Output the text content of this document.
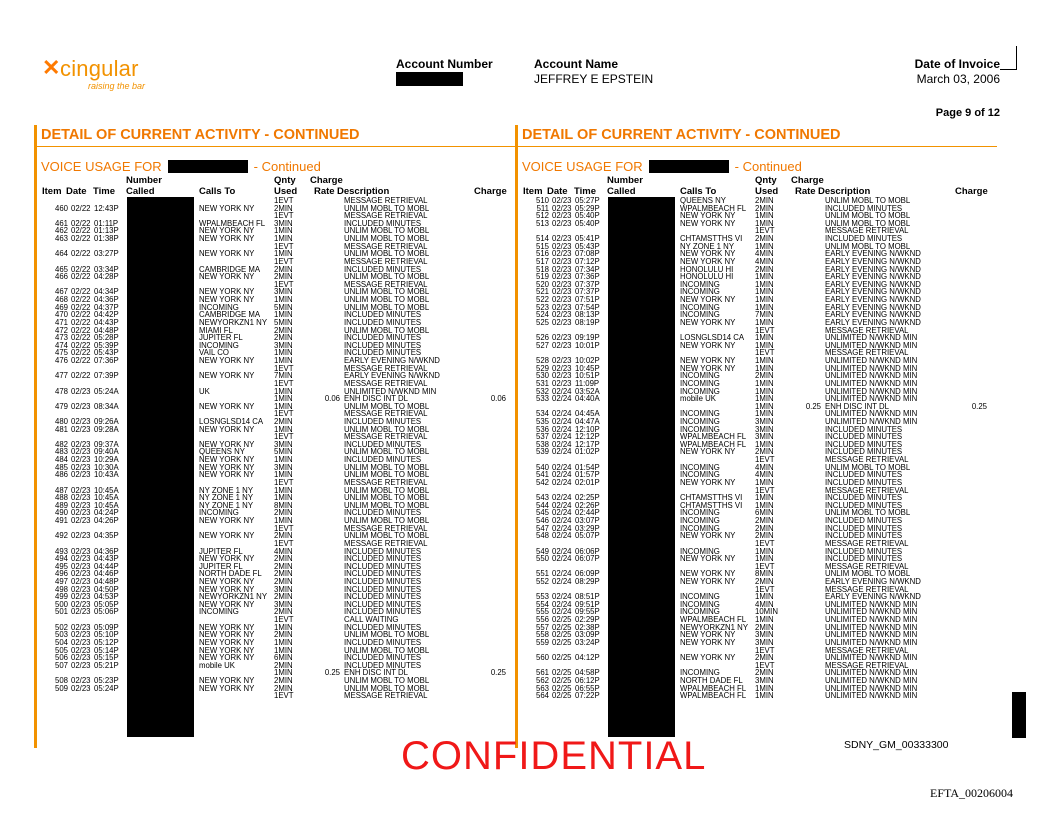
✕ cingular
raising the bar
Account Number	Account Name
JEFFREY E EPSTEIN
Date of Invoice
March 03, 2006
Page 9 of 12
DETAIL OF CURRENT ACTIVITY - CONTINUED
VOICE USAGE FOR	- Continued
Number	Qnty Charge
Item Date Time Called	Calls To	Used Rate Description	Charge
1EVT	MESSAGE RETRIEVAL
460 02/22 12:43P	NEW YORK NY	2MIN	UNLIM MOBL TO MOBL
1EVT	MESSAGE RETRIEVAL
461 02/22 01:11P	WPALMBEACH FL 3MIN	INCLUDED MINUTES
462 02/22 01:13P	NEW YORK NY	1MIN	UNLIM MOBL TO MOBL
463 02/22 01:38P	NEW YORK NY	1MIN	UNLIM MOBL TO MOBL
1EVT	MESSAGE RETRIEVAL
464 02/22 03:27P	NEW YORK NY	1MIN	UNLIM MOBL TO MOBL
1EVT	MESSAGE RETRIEVAL
465 02/22 03:34P	CAMBRIDGE MA 2MIN	INCLUDED MINUTES
466 02/22 04:28P	NEW YORK NY	2MIN	UNLIM MOBL TO MOBL
1EVT	MESSAGE RETRIEVAL
467 02/22 04:34P	NEW YORK NY	3MIN	UNLIM MOBL TO MOBL
468 02/22 04:36P	NEW YORK NY	1MIN	UNLIM MOBL TO MOBL
469 02/22 04:37P	INCOMING	5MIN	UNLIM MOBL TO MOBL
470 02/22 04:42P	CAMBRIDGE MA 1MIN	INCLUDED MINUTES
471 02/22 04:43P	NEWYORKZN1 NY 5MIN	INCLUDED MINUTES
472 02/22 04:48P	MIAMI FL	2MIN	UNLIM MOBL TO MOBL
473 02/22 05:28P	JUPITER FL	2MIN	INCLUDED MINUTES
474 02/22 05:39P	INCOMING	3MIN	INCLUDED MINUTES
475 02/22 05:43P	VAIL CO	1MIN	INCLUDED MINUTES
476 02/22 07:36P	NEW YORK NY	1MIN	EARLY EVENING N/WKND
1EVT	MESSAGE RETRIEVAL
477 02/22 07:39P	NEW YORK NY	7MIN	EARLY EVENING N/WKND
1EVT	MESSAGE RETRIEVAL
478 02/23 05:24A	UK	1MIN	UNLIMITED N/WKND MIN
1MIN	0.06 ENH DISC INT DL	0.06
479 02/23 08:34A	NEW YORK NY	1MIN	UNLIM MOBL TO MOBL
1EVT	MESSAGE RETRIEVAL
480 02/23 09:26A	LOSNGLSD14 CA 2MIN	INCLUDED MINUTES
481 02/23 09:28A	NEW YORK NY	1MIN	UNLIM MOBL TO MOBL
1EVT	MESSAGE RETRIEVAL
482 02/23 09:37A	NEW YORK NY	3MIN	INCLUDED MINUTES
483 02/23 09:40A	QUEENS NY	5MIN	UNLIM MOBL TO MOBL
484 02/23 10:29A	NEW YORK NY	1MIN	INCLUDED MINUTES
485 02/23 10:30A	NEW YORK NY	3MIN	UNLIM MOBL TO MOBL
486 02/23 10:43A	NEW YORK NY	1MIN	UNLIM MOBL TO MOBL
1EVT	MESSAGE RETRIEVAL
487 02/23 10:45A	NY ZONE 1 NY	1MIN	UNLIM MOBL TO MOBL
488 02/23 10:45A	NY ZONE 1 NY	1MIN	UNLIM MOBL TO MOBL
489 02/23 10:45A	NY ZONE 1 NY	8MIN	UNLIM MOBL TO MOBL
490 02/23 04:24P	INCOMING	2MIN	INCLUDED MINUTES
491 02/23 04:26P	NEW YORK NY	1MIN	UNLIM MOBL TO MOBL
1EVT	MESSAGE RETRIEVAL
492 02/23 04:35P	NEW YORK NY	2MIN	UNLIM MOBL TO MOBL
1EVT	MESSAGE RETRIEVAL
493 02/23 04:36P	JUPITER FL	4MIN	INCLUDED MINUTES
494 02/23 04:43P	NEW YORK NY	2MIN	INCLUDED MINUTES
495 02/23 04:44P	JUPITER FL	2MIN	INCLUDED MINUTES
496 02/23 04:46P	NORTH DADE FL 2MIN	INCLUDED MINUTES
497 02/23 04:48P	NEW YORK NY	2MIN	INCLUDED MINUTES
498 02/23 04:50P	NEW YORK NY	3MIN	INCLUDED MINUTES
499 02/23 04:53P	NEWYORKZN1 NY 2MIN	INCLUDED MINUTES
500 02/23 05:05P	NEW YORK NY	3MIN	INCLUDED MINUTES
501 02/23 05:06P	INCOMING	2MIN	INCLUDED MINUTES
1EVT	CALL WAITING
502 02/23 05:09P	NEW YORK NY	1MIN	INCLUDED MINUTES
503 02/23 05:10P	NEW YORK NY	2MIN	UNLIM MOBL TO MOBL
504 02/23 05:12P	NEW YORK NY	1MIN	INCLUDED MINUTES
505 02/23 05:14P	NEW YORK NY	1MIN	UNLIM MOBL TO MOBL
506 02/23 05:15P	NEW YORK NY	6MIN	INCLUDED MINUTES
507 02/23 05:21P	mobile UK	2MIN	INCLUDED MINUTES
1MIN	0.25 ENH DISC INT DL	0.25
508 02/23 05:23P	NEW YORK NY	2MIN	UNLIM MOBL TO MOBL
509 02/23 05:24P	NEW YORK NY	2MIN	UNLIM MOBL TO MOBL
1EVT	MESSAGE RETRIEVAL
DETAIL OF CURRENT ACTIVITY - CONTINUED
VOICE USAGE FOR	- Continued
Number	Qnty Charge
Item Date Time Called	Calls To	Used Rate Description	Charge
510 02/23 05:27P	QUEENS NY	2MIN	UNLIM MOBL TO MOBL
511 02/23 05:29P	WPALMBEACH FL 2MIN	INCLUDED MINUTES
512 02/23 05:40P	NEW YORK NY	1MIN	UNLIM MOBL TO MOBL
513 02/23 05:40P	NEW YORK NY	1MIN	UNLIM MOBL TO MOBL
1EVT	MESSAGE RETRIEVAL
514 02/23 05:41P	CHTAMSTTHS VI 2MIN	INCLUDED MINUTES
515 02/23 05:43P	NY ZONE 1 NY	1MIN	UNLIM MOBL TO MOBL
516 02/23 07:08P	NEW YORK NY	4MIN	EARLY EVENING N/WKND
517 02/23 07:12P	NEW YORK NY	4MIN	EARLY EVENING N/WKND
518 02/23 07:34P	HONOLULU HI	2MIN	EARLY EVENING N/WKND
519 02/23 07:36P	HONOLULU HI	1MIN	EARLY EVENING N/WKND
520 02/23 07:37P	INCOMING	1MIN	EARLY EVENING N/WKND
521 02/23 07:37P	INCOMING	1MIN	EARLY EVENING N/WKND
522 02/23 07:51P	NEW YORK NY	1MIN	EARLY EVENING N/WKND
523 02/23 07:54P	INCOMING	1MIN	EARLY EVENING N/WKND
524 02/23 08:13P	INCOMING	7MIN	EARLY EVENING N/WKND
525 02/23 08:19P	NEW YORK NY	1MIN	EARLY EVENING N/WKND
1EVT	MESSAGE RETRIEVAL
526 02/23 09:19P	LOSNGLSD14 CA 1MIN	UNLIMITED N/WKND MIN
527 02/23 10:01P	NEW YORK NY	1MIN	UNLIMITED N/WKND MIN
1EVT	MESSAGE RETRIEVAL
528 02/23 10:02P	NEW YORK NY	1MIN	UNLIMITED N/WKND MIN
529 02/23 10:45P	NEW YORK NY	1MIN	UNLIMITED N/WKND MIN
530 02/23 10:51P	INCOMING	2MIN	UNLIMITED N/WKND MIN
531 02/23 11:09P	INCOMING	1MIN	UNLIMITED N/WKND MIN
532 02/24 03:52A	INCOMING	1MIN	UNLIMITED N/WKND MIN
533 02/24 04:40A	mobile UK	1MIN	UNLIMITED N/WKND MIN
1MIN	0.25 ENH DISC INT DL	0.25
534 02/24 04:45A	INCOMING	1MIN	UNLIMITED N/WKND MIN
535 02/24 04:47A	INCOMING	3MIN	UNLIMITED N/WKND MIN
536 02/24 12:10P	INCOMING	3MIN	INCLUDED MINUTES
537 02/24 12:12P	WPALMBEACH FL 3MIN	INCLUDED MINUTES
538 02/24 12:17P	WPALMBEACH FL 1MIN	INCLUDED MINUTES
539 02/24 01:02P	NEW YORK NY	2MIN	INCLUDED MINUTES
1EVT	MESSAGE RETRIEVAL
540 02/24 01:54P	INCOMING	4MIN	UNLIM MOBL TO MOBL
541 02/24 01:57P	INCOMING	4MIN	INCLUDED MINUTES
542 02/24 02:01P	NEW YORK NY	1MIN	INCLUDED MINUTES
1EVT	MESSAGE RETRIEVAL
543 02/24 02:25P	CHTAMSTTHS VI 1MIN	INCLUDED MINUTES
544 02/24 02:26P	CHTAMSTTHS VI 1MIN	INCLUDED MINUTES
545 02/24 02:44P	INCOMING	6MIN	UNLIM MOBL TO MOBL
546 02/24 03:07P	INCOMING	2MIN	INCLUDED MINUTES
547 02/24 03:29P	INCOMING	2MIN	INCLUDED MINUTES
548 02/24 05:07P	NEW YORK NY	2MIN	INCLUDED MINUTES
1EVT	MESSAGE RETRIEVAL
549 02/24 06:06P	INCOMING	1MIN	INCLUDED MINUTES
550 02/24 06:07P	NEW YORK NY	1MIN	INCLUDED MINUTES
1EVT	MESSAGE RETRIEVAL
551 02/24 06:09P	NEW YORK NY	8MIN	UNLIM MOBL TO MOBL
552 02/24 08:29P	NEW YORK NY	2MIN	EARLY EVENING N/WKND
1EVT	MESSAGE RETRIEVAL
553 02/24 08:51P	INCOMING	1MIN	EARLY EVENING N/WKND
554 02/24 09:51P	INCOMING	4MIN	UNLIMITED N/WKND MIN
555 02/24 09:55P	INCOMING	10MIN	UNLIMITED N/WKND MIN
556 02/25 02:29P	WPALMBEACH FL 1MIN	UNLIMITED N/WKND MIN
557 02/25 02:38P	NEWYORKZN1 NY 2MIN	UNLIMITED N/WKND MIN
558 02/25 03:09P	NEW YORK NY	3MIN	UNLIMITED N/WKND MIN
559 02/25 03:24P	NEW YORK NY	3MIN	UNLIMITED N/WKND MIN
1EVT	MESSAGE RETRIEVAL
560 02/25 04:12P	NEW YORK NY	2MIN	UNLIMITED N/WKND MIN
1EVT	MESSAGE RETRIEVAL
561 02/25 04:58P	INCOMING	2MIN	UNLIMITED N/WKND MIN
562 02/25 06:12P	NORTH DADE FL 3MIN	UNLIMITED N/WKND MIN
563 02/25 06:55P	WPALMBEACH FL 1MIN	UNLIMITED N/WKND MIN
564 02/25 07:22P	WPALMBEACH FL 1MIN	UNLIMITED N/WKND MIN
CONFIDENTIAL	SDNY_GM_00333300
EFTA_00206004
